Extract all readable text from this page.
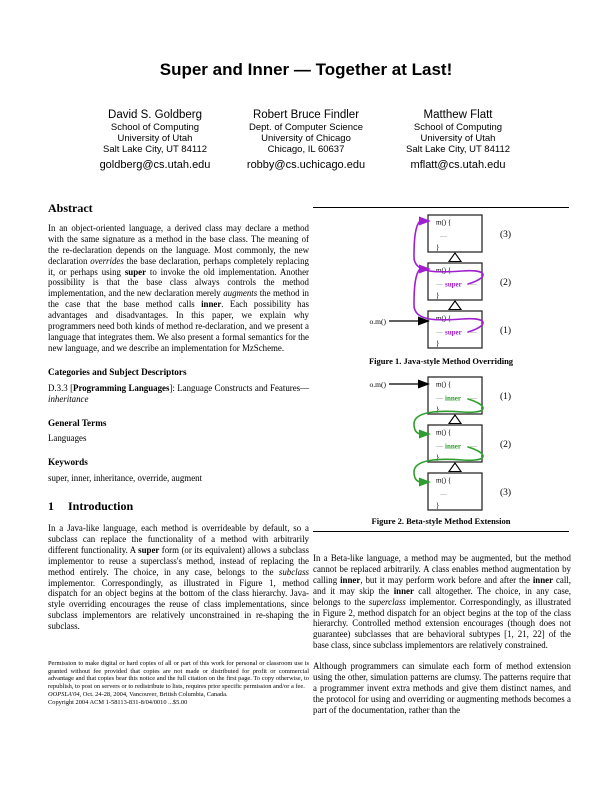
Super and Inner — Together at Last!
David S. Goldberg
School of Computing
University of Utah
Salt Lake City, UT 84112
goldberg@cs.utah.edu
Robert Bruce Findler
Dept. of Computer Science
University of Chicago
Chicago, IL 60637
robby@cs.uchicago.edu
Matthew Flatt
School of Computing
University of Utah
Salt Lake City, UT 84112
mflatt@cs.utah.edu
Abstract

In an object-oriented language, a derived class may declare a method with the same signature as a method in the base class. The meaning of the re-declaration depends on the language. Most commonly, the new declaration overrides the base declaration, perhaps completely replacing it, or perhaps using super to invoke the old implementation. Another possibility is that the base class always controls the method implementation, and the new declaration merely augments the method in the case that the base method calls inner. Each possibility has advantages and disadvantages. In this paper, we explain why programmers need both kinds of method re-declaration, and we present a language that integrates them. We also present a formal semantics for the new language, and we describe an implementation for MzScheme.

Categories and Subject Descriptors

D.3.3 [Programming Languages]: Language Constructs and Features—inheritance

General Terms

Languages

Keywords

super, inner, inheritance, override, augment

1 Introduction

In a Java-like language, each method is overrideable by default, so a subclass can replace the functionality of a method with arbitrarily different functionality. A super form (or its equivalent) allows a subclass implementor to reuse a superclass's method, instead of replacing the method entirely. The choice, in any case, belongs to the subclass implementor. Correspondingly, as illustrated in Figure 1, method dispatch for an object begins at the bottom of the class hierarchy. Java-style overriding encourages the reuse of class implementations, since subclass implementors are relatively unconstrained in re-shaping the subclass.

Permission to make digital or hard copies of all or part of this work for personal or classroom use is granted without fee provided that copies are not made or distributed for profit or commercial advantage and that copies bear this notice and the full citation on the first page. To copy otherwise, to republish, to post on servers or to redistribute to lists, requires prior specific permission and/or a fee.

OOPSLA'04, Oct. 24-28, 2004, Vancouver, British Columbia, Canada.

Copyright 2004 ACM 1-58113-831-8/04/0010 ...$5.00

m() {
—
}
m() {
— super —
}
m() {
— super —
}
(3)
(2)
(1)
o.m()
Figure 1. Java-style Method Overriding
m() {
— inner —
}
m() {
— inner —
}
m() {
—
}
(1)
(2)
(3)
o.m()
Figure 2. Beta-style Method Extension

In a Beta-like language, a method may be augmented, but the method cannot be replaced arbitrarily. A class enables method augmentation by calling inner, but it may perform work before and after the inner call, and it may skip the inner call altogether. The choice, in any case, belongs to the superclass implementor. Correspondingly, as illustrated in Figure 2, method dispatch for an object begins at the top of the class hierarchy. Controlled method extension encourages (though does not guarantee) subclasses that are behavioral subtypes [1, 21, 22] of the base class, since subclass implementors are relatively constrained.

Although programmers can simulate each form of method extension using the other, simulation patterns are clumsy. The patterns require that a programmer invent extra methods and give them distinct names, and the protocol for using and overriding or augmenting methods becomes a part of the documentation, rather than the
